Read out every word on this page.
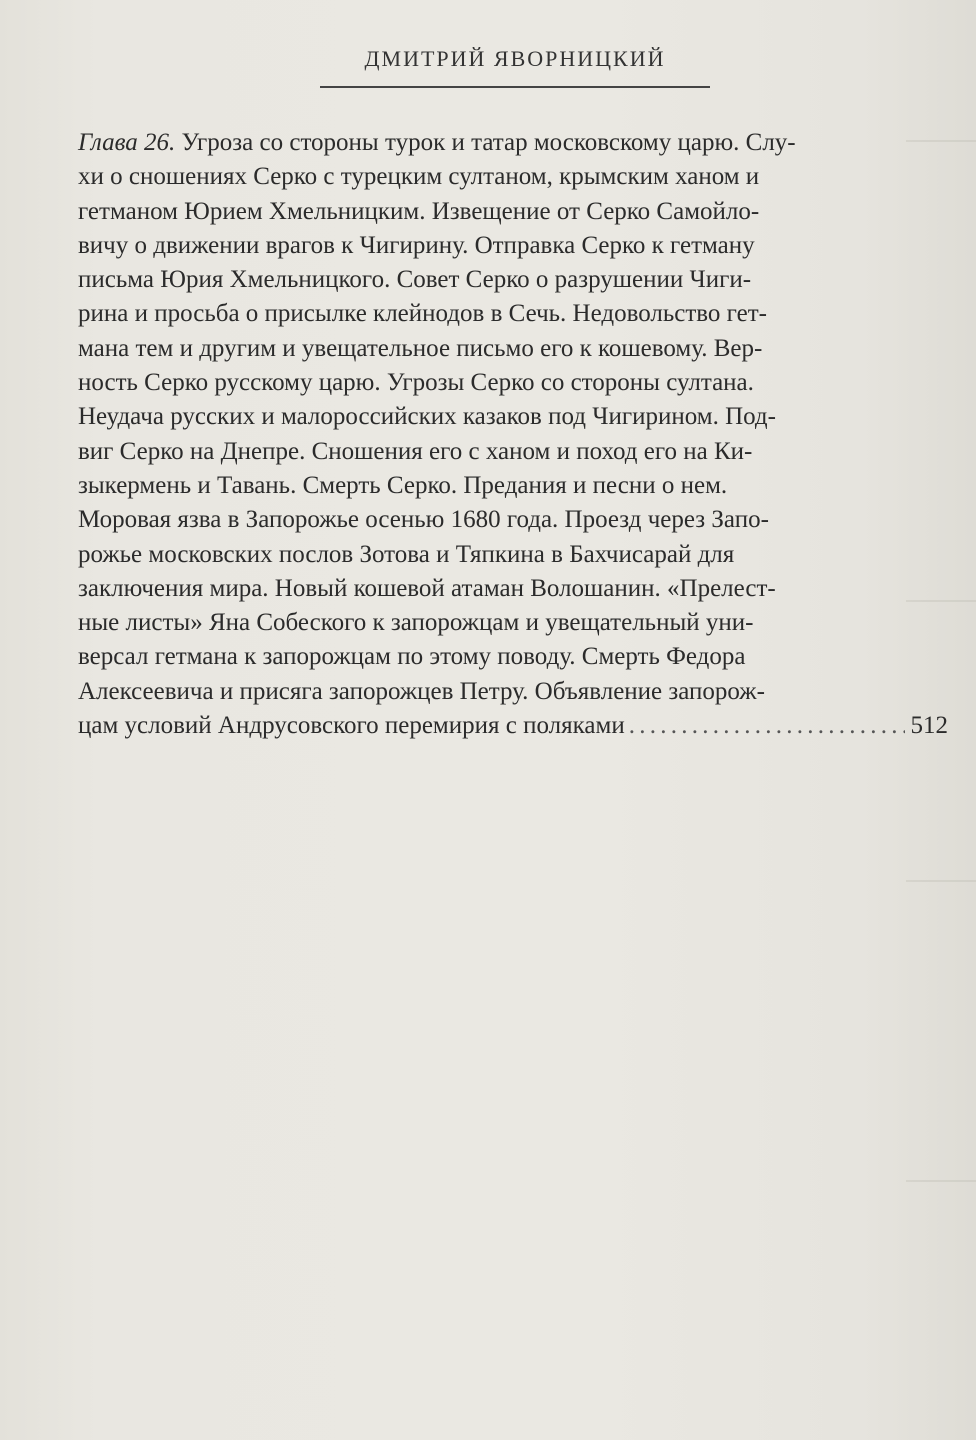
ДМИТРИЙ ЯВОРНИЦКИЙ
Глава 26. Угроза со стороны турок и татар московскому царю. Слу-
хи о сношениях Серко с турецким султаном, крымским ханом и
гетманом Юрием Хмельницким. Извещение от Серко Самойло-
вичу о движении врагов к Чигирину. Отправка Серко к гетману
письма Юрия Хмельницкого. Совет Серко о разрушении Чиги-
рина и просьба о присылке клейнодов в Сечь. Недовольство гет-
мана тем и другим и увещательное письмо его к кошевому. Вер-
ность Серко русскому царю. Угрозы Серко со стороны султана.
Неудача русских и малороссийских казаков под Чигирином. Под-
виг Серко на Днепре. Сношения его с ханом и поход его на Ки-
зыкермень и Тавань. Смерть Серко. Предания и песни о нем.
Моровая язва в Запорожье осенью 1680 года. Проезд через Запо-
рожье московских послов Зотова и Тяпкина в Бахчисарай для
заключения мира. Новый кошевой атаман Волошанин. «Прелест-
ные листы» Яна Собеского к запорожцам и увещательный уни-
версал гетмана к запорожцам по этому поводу. Смерть Федора
Алексеевича и присяга запорожцев Петру. Объявление запорож-
цам условий Андрусовского перемирия с поляками
. . .	512
